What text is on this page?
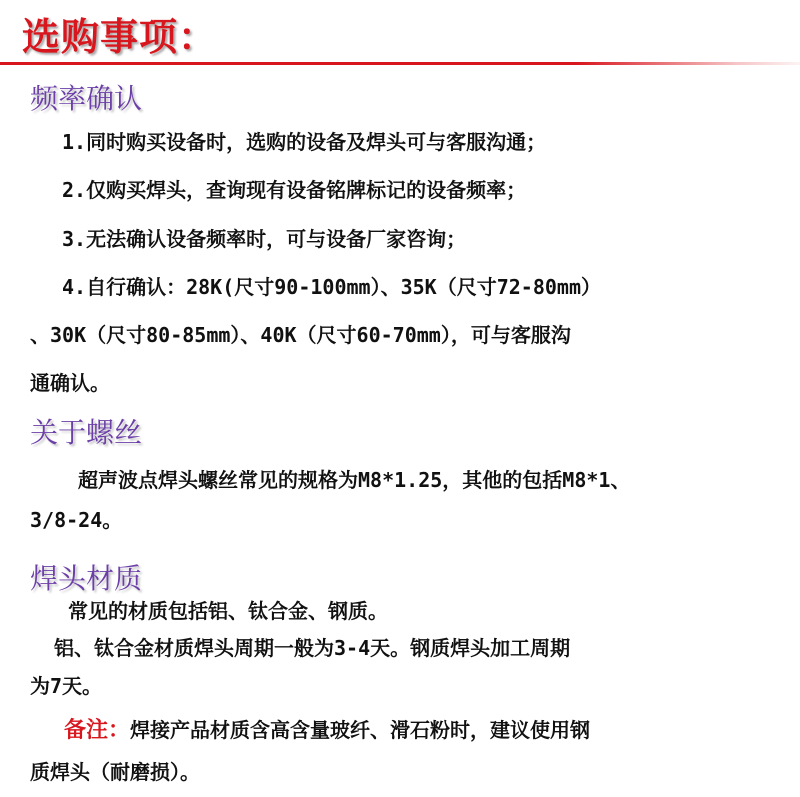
选购事项：
频率确认
1.同时购买设备时，选购的设备及焊头可与客服沟通；
2.仅购买焊头，查询现有设备铭牌标记的设备频率；
3.无法确认设备频率时，可与设备厂家咨询；
4.自行确认：28K(尺寸90-100mm）、35K（尺寸72-80mm）
、30K（尺寸80-85mm）、40K（尺寸60-70mm），可与客服沟
通确认。
关于螺丝
超声波点焊头螺丝常见的规格为M8*1.25，其他的包括M8*1、
3/8-24。
焊头材质
常见的材质包括铝、钛合金、钢质。
铝、钛合金材质焊头周期一般为3-4天。钢质焊头加工周期
为7天。
备注：焊接产品材质含高含量玻纤、滑石粉时，建议使用钢
质焊头（耐磨损）。
